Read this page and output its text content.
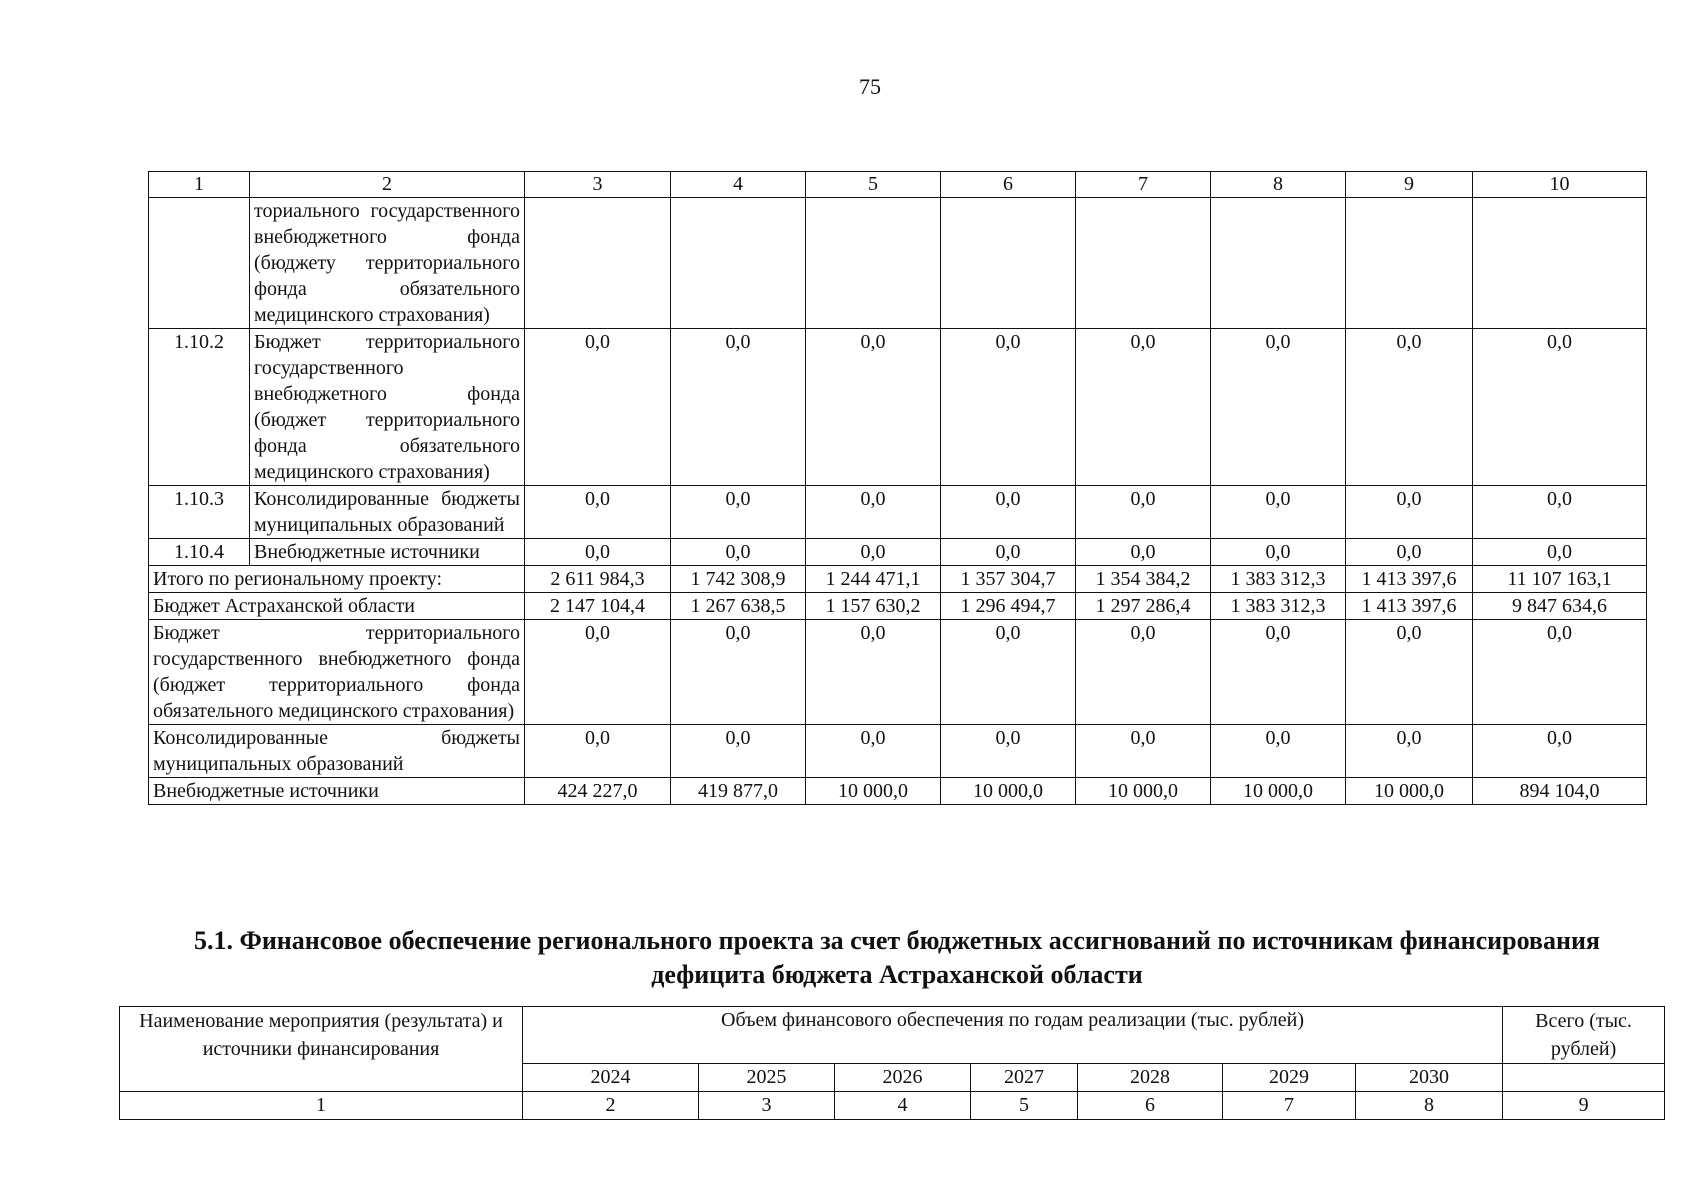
75
1	2	3	4	5	6	7	8	9	10
	ториального государственного внебюджетного фонда (бюджету территориального фонда обязательного медицинского страхования)								
1.10.2	Бюджет территориального государственного внебюджетного фонда (бюджет территориального фонда обязательного медицинского страхования)	0,0	0,0	0,0	0,0	0,0	0,0	0,0	0,0
1.10.3	Консолидированные бюджеты муниципальных образований	0,0	0,0	0,0	0,0	0,0	0,0	0,0	0,0
1.10.4	Внебюджетные источники	0,0	0,0	0,0	0,0	0,0	0,0	0,0	0,0
Итого по региональному проекту:		2 611 984,3	1 742 308,9	1 244 471,1	1 357 304,7	1 354 384,2	1 383 312,3	1 413 397,6	11 107 163,1
Бюджет Астраханской области		2 147 104,4	1 267 638,5	1 157 630,2	1 296 494,7	1 297 286,4	1 383 312,3	1 413 397,6	9 847 634,6
Бюджет территориального государственного внебюджетного фонда (бюджет территориального фонда обязательного медицинского страхования)		0,0	0,0	0,0	0,0	0,0	0,0	0,0	0,0
Консолидированные бюджеты муниципальных образований		0,0	0,0	0,0	0,0	0,0	0,0	0,0	0,0
Внебюджетные источники		424 227,0	419 877,0	10 000,0	10 000,0	10 000,0	10 000,0	10 000,0	894 104,0
5.1. Финансовое обеспечение регионального проекта за счет бюджетных ассигнований по источникам финансирования дефицита бюджета Астраханской области
Наименование мероприятия (результата) и источники финансирования	Объем финансового обеспечения по годам реализации (тыс. рублей)							Всего (тыс. рублей)
	2024	2025	2026	2027	2028	2029	2030	
1	2	3	4	5	6	7	8	9
